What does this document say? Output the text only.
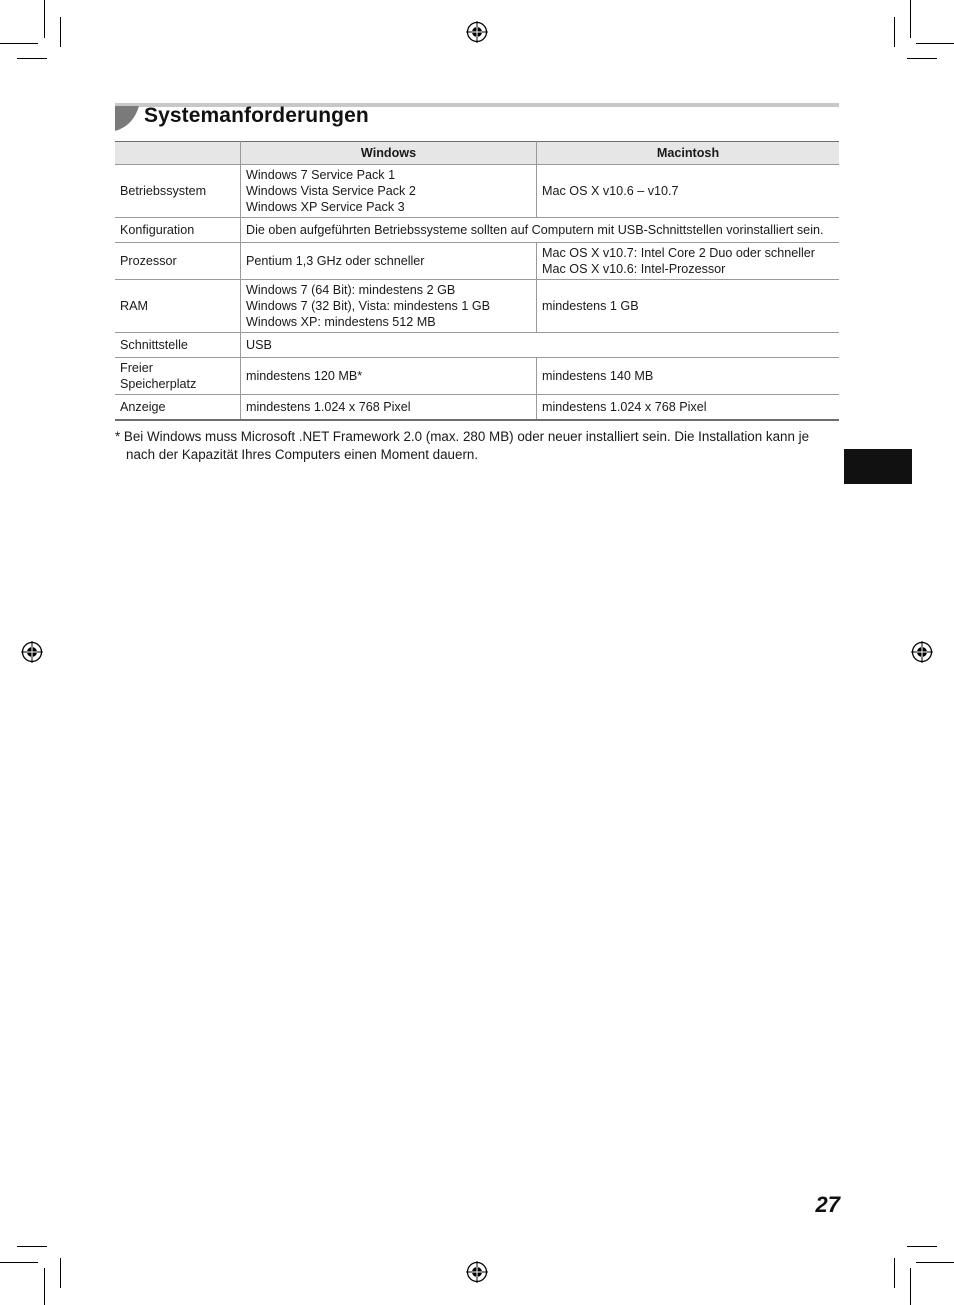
Systemanforderungen
	Windows	Macintosh
Betriebssystem	Windows 7 Service Pack 1
Windows Vista Service Pack 2
Windows XP Service Pack 3	Mac OS X v10.6 – v10.7

Konfiguration	Die oben aufgeführten Betriebssysteme sollten auf Computern mit USB-Schnittstellen vorinstalliert sein.	
Prozessor	Pentium 1,3 GHz oder schneller	Mac OS X v10.7: Intel Core 2 Duo oder schneller
Mac OS X v10.6: Intel-Prozessor

RAM	Windows 7 (64 Bit): mindestens 2 GB
Windows 7 (32 Bit), Vista: mindestens 1 GB
Windows XP: mindestens 512 MB	mindestens 1 GB

Schnittstelle	USB	

Freier
Speicherplatz	mindestens 120 MB*	mindestens 140 MB

Anzeige	mindestens 1.024 x 768 Pixel	mindestens 1.024 x 768 Pixel
* Bei Windows muss Microsoft .NET Framework 2.0 (max. 280 MB) oder neuer installiert sein. Die Installation kann je
nach der Kapazität Ihres Computers einen Moment dauern.
27
